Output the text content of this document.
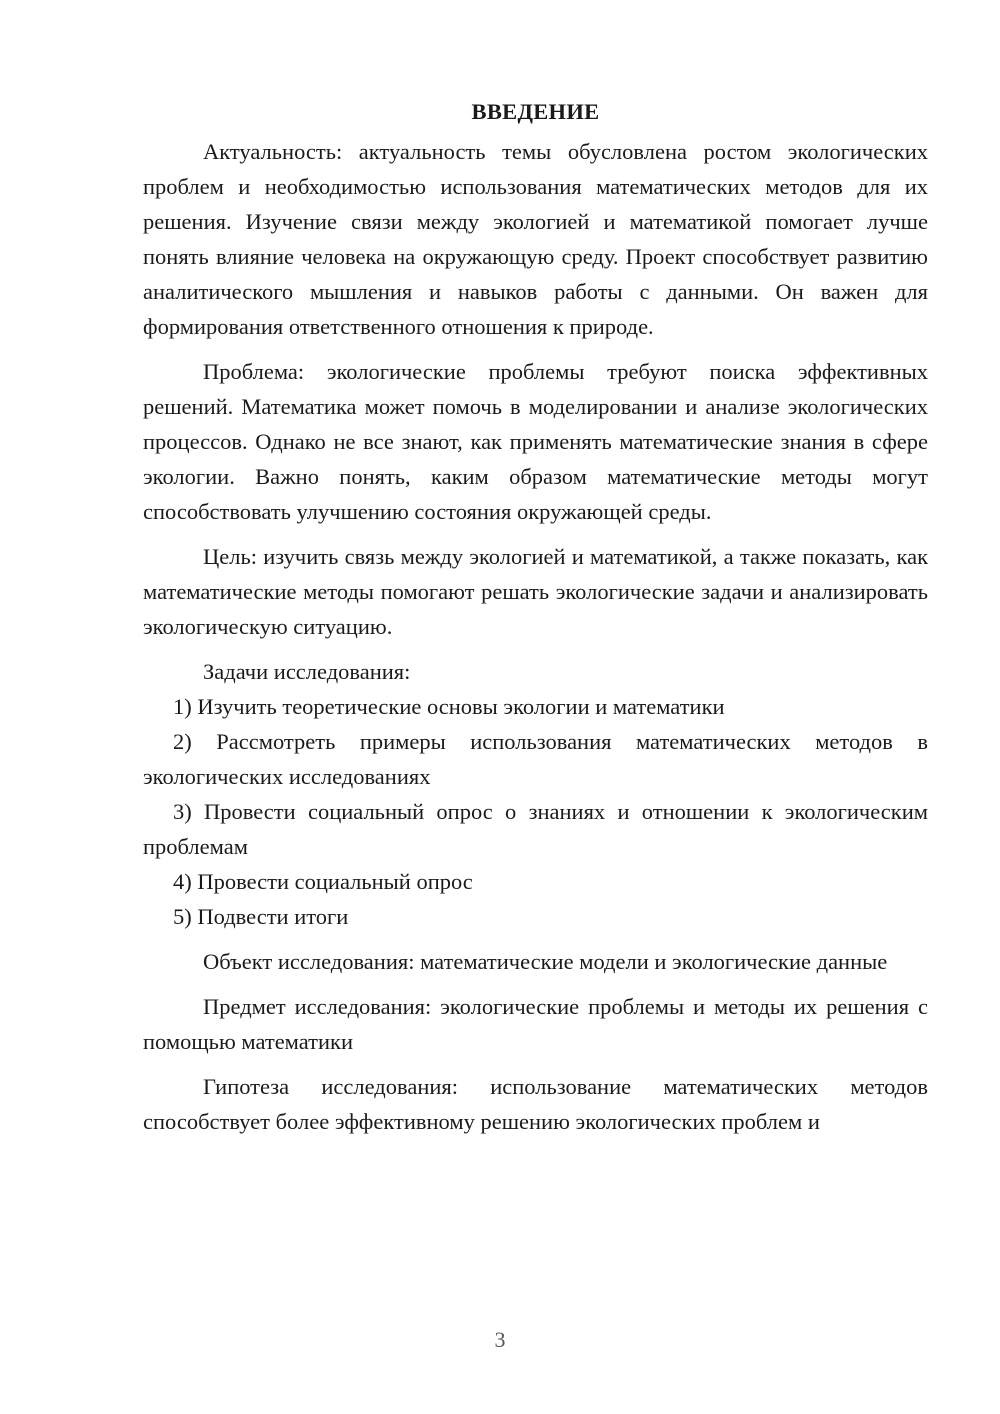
ВВЕДЕНИЕ

Актуальность: актуальность темы обусловлена ростом экологических проблем и необходимостью использования математических методов для их решения. Изучение связи между экологией и математикой помогает лучше понять влияние человека на окружающую среду. Проект способствует развитию аналитического мышления и навыков работы с данными. Он важен для формирования ответственного отношения к природе.

Проблема: экологические проблемы требуют поиска эффективных решений. Математика может помочь в моделировании и анализе экологических процессов. Однако не все знают, как применять математические знания в сфере экологии. Важно понять, каким образом математические методы могут способствовать улучшению состояния окружающей среды.

Цель: изучить связь между экологией и математикой, а также показать, как математические методы помогают решать экологические задачи и анализировать экологическую ситуацию.

Задачи исследования:

1) Изучить теоретические основы экологии и математики

2) Рассмотреть примеры использования математических методов в экологических исследованиях

3) Провести социальный опрос о знаниях и отношении к экологическим проблемам

4) Провести социальный опрос

5) Подвести итоги

Объект исследования: математические модели и экологические данные

Предмет исследования: экологические проблемы и методы их решения с помощью математики

Гипотеза исследования: использование математических методов способствует более эффективному решению экологических проблем и

3
